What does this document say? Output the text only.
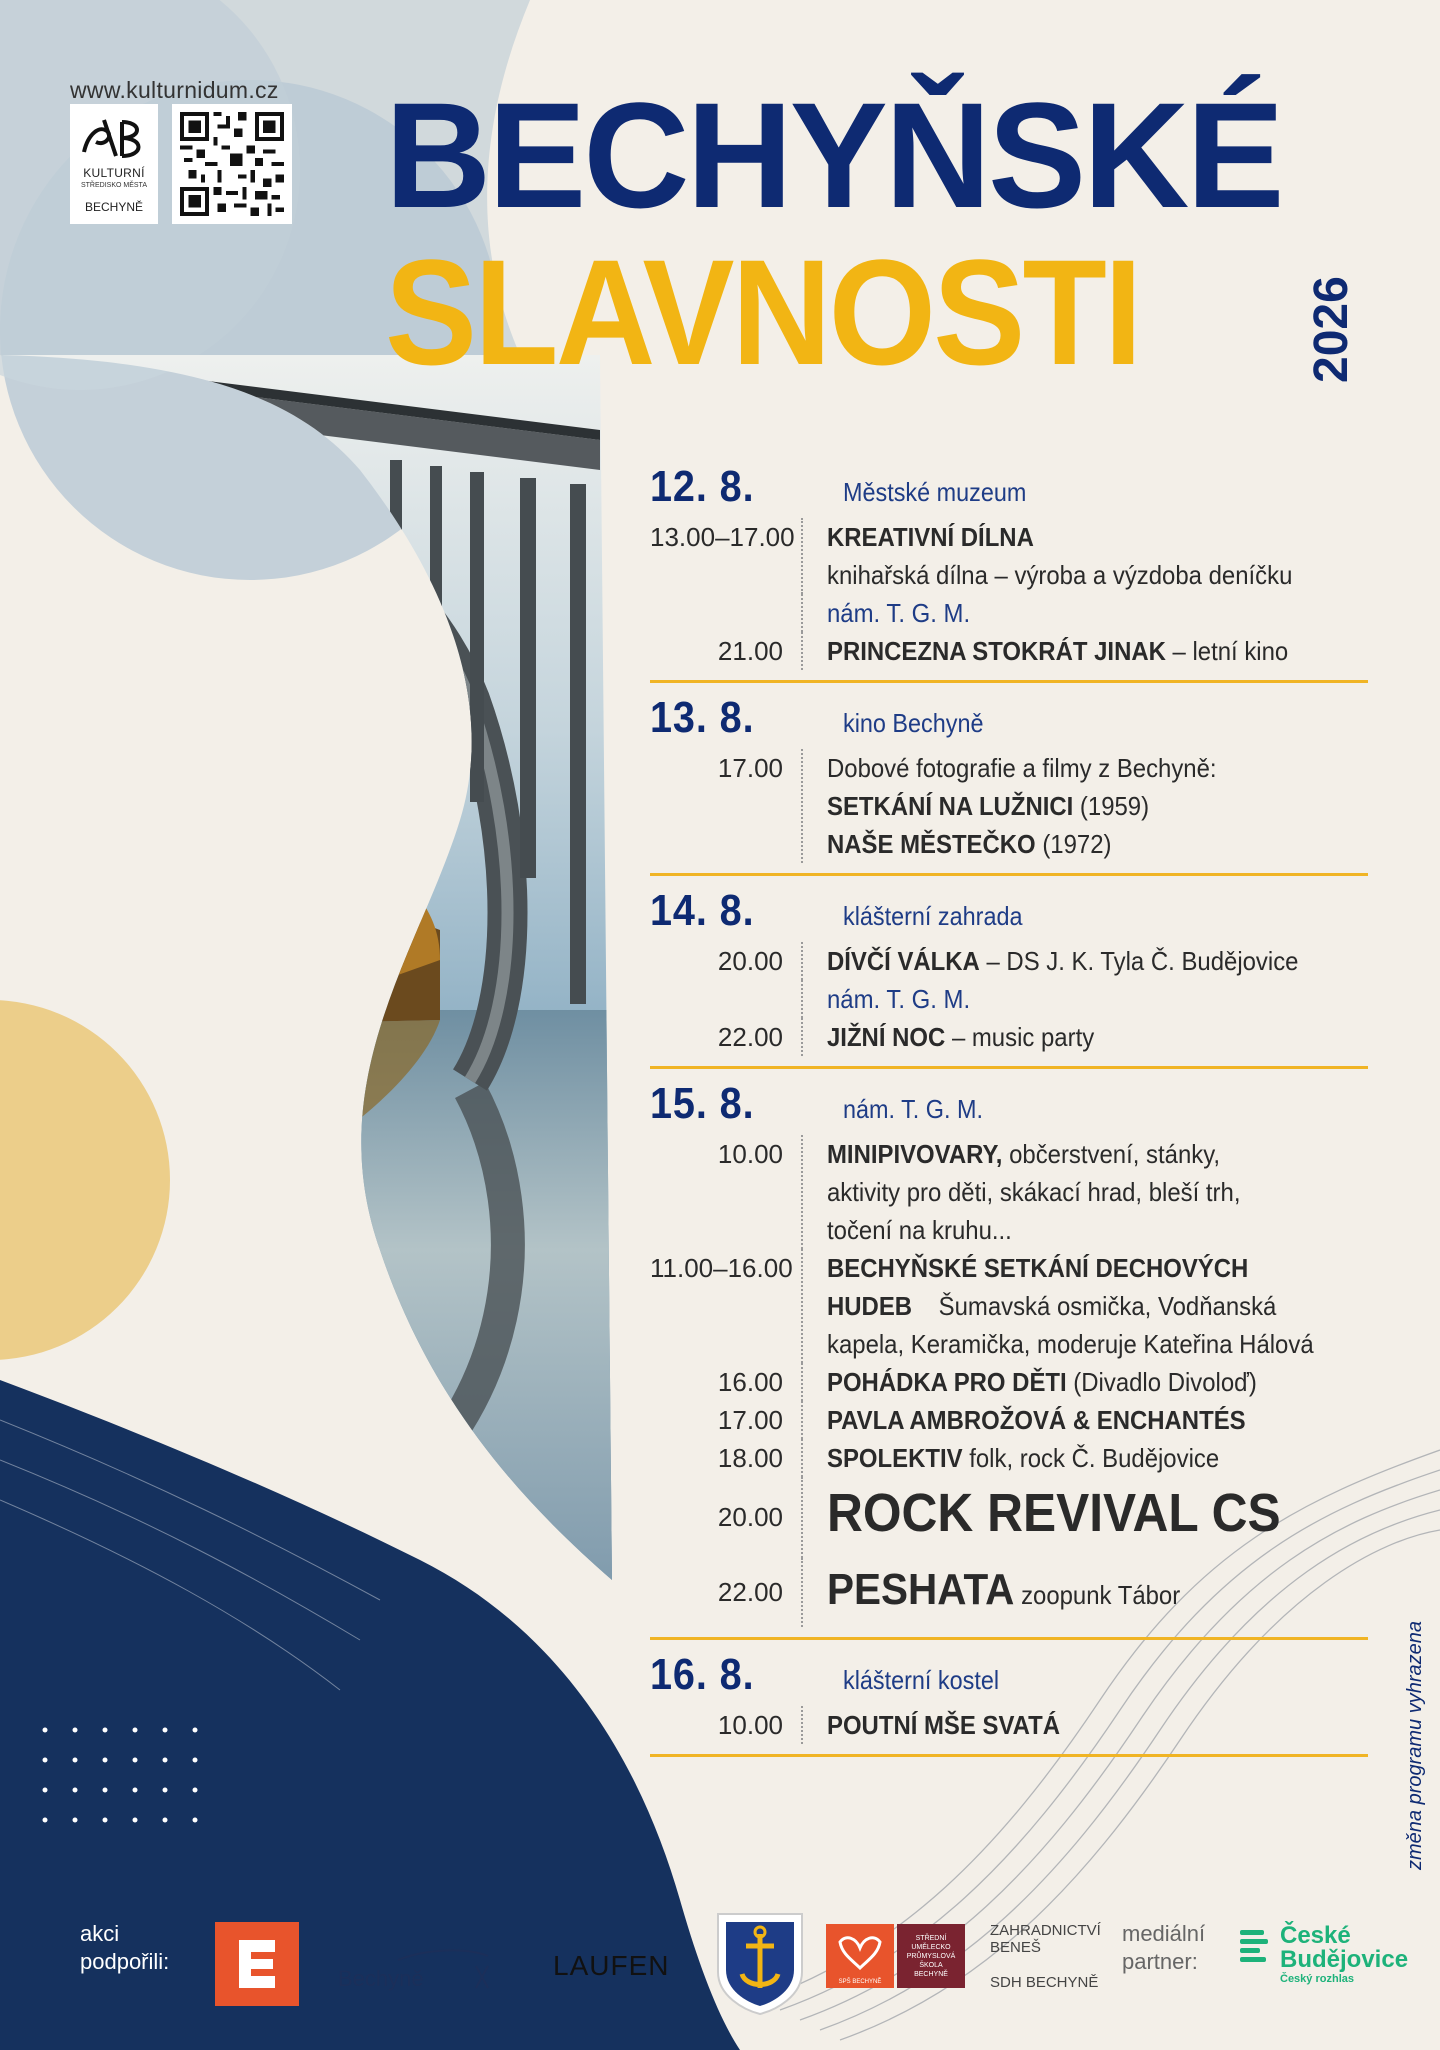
www.kulturnidum.cz
KULTURNÍ
STŘEDISKO MĚSTA
BECHYNĚ BECHYŇSKÉ
SLAVNOSTI	2026
12. 8.	Městské muzeum
13.00–17.00 KREATIVNÍ DÍLNA
knihařská dílna – výroba a výzdoba deníčku
nám. T. G. M.
21.00	PRINCEZNA STOKRÁT JINAK – letní kino
13. 8.	kino Bechyně
17.00	Dobové fotografie a filmy z Bechyně:
SETKÁNÍ NA LUŽNICI (1959)
NAŠE MĚSTEČKO (1972)
14. 8.	klášterní zahrada
20.00	DÍVČÍ VÁLKA – DS J. K. Tyla Č. Budějovice
nám. T. G. M.
22.00	JIŽNÍ NOC – music party
15. 8.	nám. T. G. M.
10.00	MINIPIVOVARY, občerstvení, stánky,
aktivity pro děti, skákací hrad, bleší trh,
točení na kruhu...
11.00–16.00	BECHYŇSKÉ SETKÁNÍ DECHOVÝCH
HUDEB    Šumavská osmička, Vodňanská
kapela, Keramička, moderuje Kateřina Hálová
16.00	POHÁDKA PRO DĚTI (Divadlo Divoloď)
17.00	PAVLA AMBROŽOVÁ & ENCHANTÉS
18.00	SPOLEKTIV folk, rock Č. Budějovice
20.00 ROCK REVIVAL CS
22.00	PESHATA zoopunk Tábor
16. 8.	klášterní kostel
10.00	POUTNÍ MŠE SVATÁ	změna programu vyhrazena
akci
podpořili:
Bechyně	LAUFEN
SPŠ BECHYNĚ
STŘEDNÍ
UMĚLECKO
PRŮMYSLOVÁ
ŠKOLA
BECHYNĚ
ZAHRADNICTVÍ
BENEŠ
SDH BECHYNĚ
mediální
partner:
České
Budějovice
Český rozhlas
